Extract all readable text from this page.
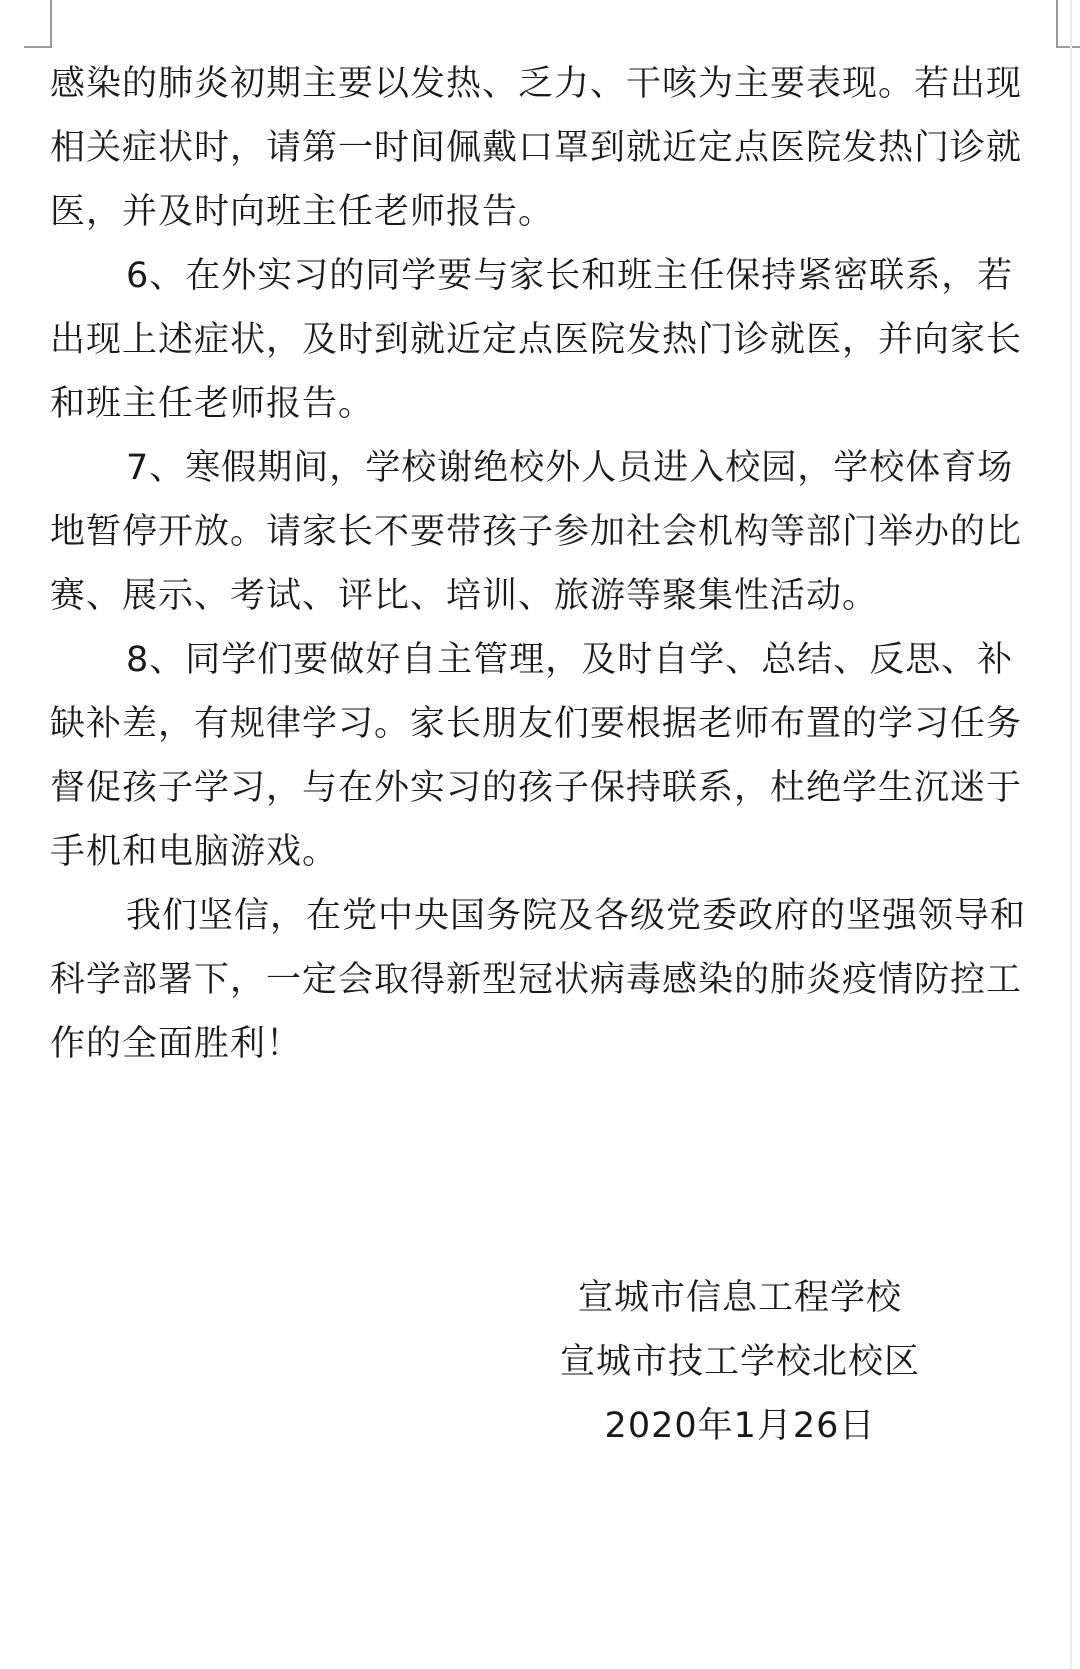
感染的肺炎初期主要以发热、乏力、干咳为主要表现。若出现相关症状时，请第一时间佩戴口罩到就近定点医院发热门诊就医，并及时向班主任老师报告。

6、在外实习的同学要与家长和班主任保持紧密联系，若出现上述症状，及时到就近定点医院发热门诊就医，并向家长和班主任老师报告。

7、寒假期间，学校谢绝校外人员进入校园，学校体育场地暂停开放。请家长不要带孩子参加社会机构等部门举办的比赛、展示、考试、评比、培训、旅游等聚集性活动。

8、同学们要做好自主管理，及时自学、总结、反思、补缺补差，有规律学习。家长朋友们要根据老师布置的学习任务督促孩子学习，与在外实习的孩子保持联系，杜绝学生沉迷于手机和电脑游戏。

我们坚信，在党中央国务院及各级党委政府的坚强领导和科学部署下，一定会取得新型冠状病毒感染的肺炎疫情防控工作的全面胜利！

宣城市信息工程学校
宣城市技工学校北校区
2020年1月26日
